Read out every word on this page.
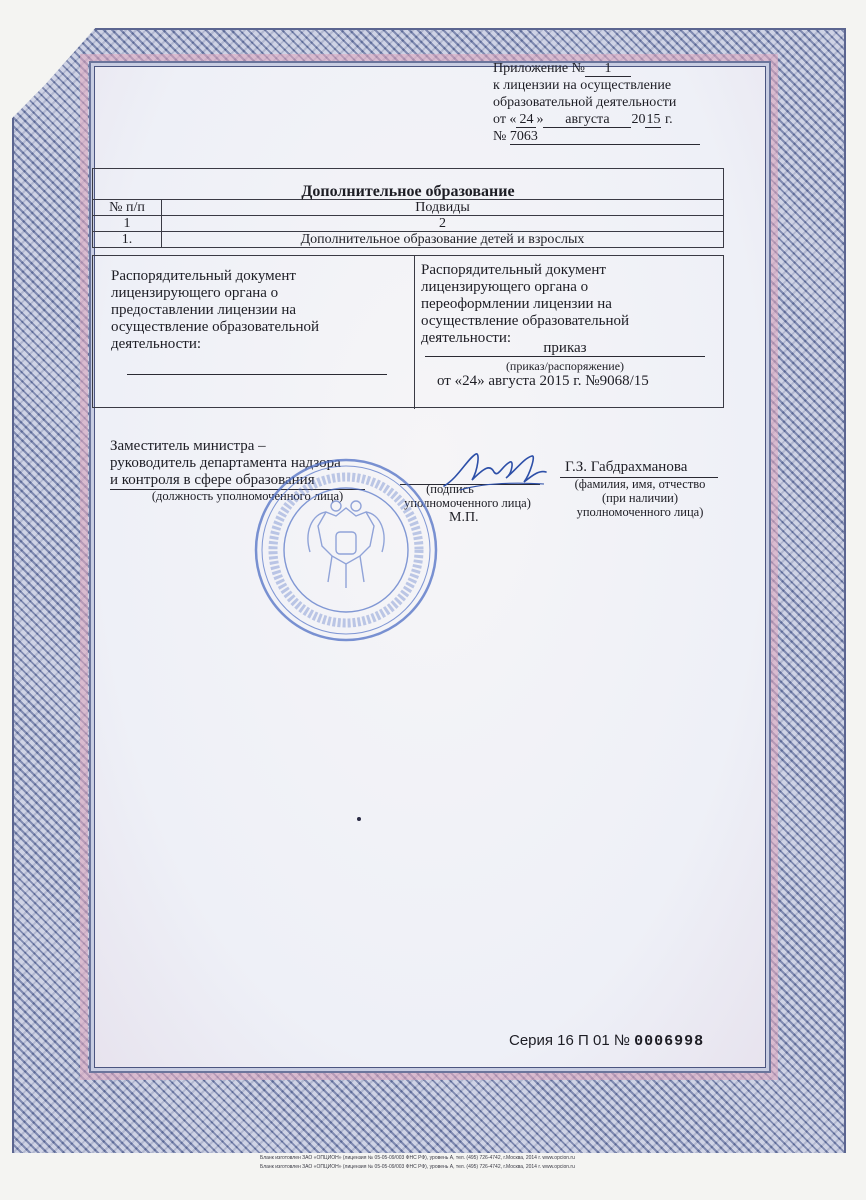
Бланк изготовлен ЗАО «ОПЦИОН» (лицензия № 05-05-09/003 ФНС РФ), уровень А, тел. (495) 726-4742, г.Москва, 2014 г. www.opcion.ru
Бланк изготовлен ЗАО «ОПЦИОН» (лицензия № 05-05-09/003 ФНС РФ), уровень А, тел. (495) 726-4742, г.Москва, 2014 г. www.opcion.ru
Приложение № 1
к лицензии на осуществление
образовательной деятельности
от « 24 » августа 2015 г.
№ 7063
Дополнительное образование	
№ п/п	Подвиды
1	2
1.	Дополнительное образование детей и взрослых
Распорядительный документ
лицензирующего органа о
предоставлении лицензии на
осуществление образовательной
деятельности:
Распорядительный документ
лицензирующего органа о
переоформлении лицензии на
осуществление образовательной
деятельности:
приказ
(приказ/распоряжение)
от «24» августа 2015 г. №9068/15
Заместитель министра –
руководитель департамента надзора
и контроля в сфере образования
(должность уполномоченного лица)	(подпись
уполномоченного лица)
М.П.
Г.З. Габдрахманова
(фамилия, имя, отчество
(при наличии)
уполномоченного лица)
Серия 16 П 01 № 0006998
